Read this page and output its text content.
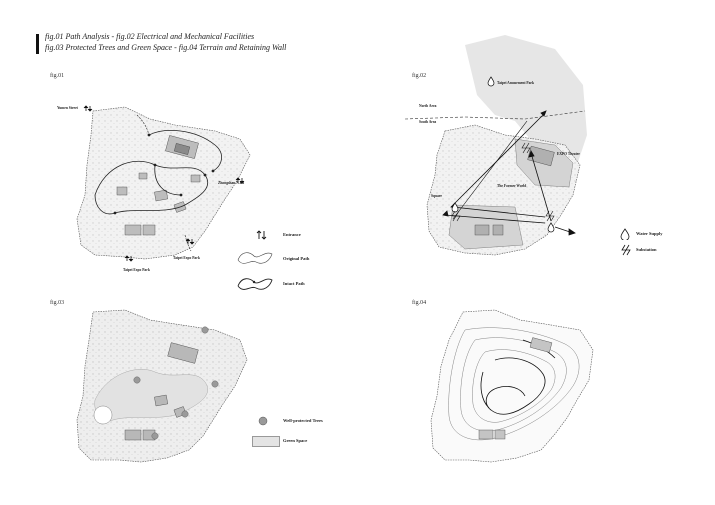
fig.01 Path Analysis - fig.02 Electrical and Mechanical Facilities
fig.03 Protected Trees and Green Space - fig.04 Terrain and Retaining Wall
fig.01	fig.02
fig.03	fig.04
Yumen Street
Zhongshan N.Rd
Taipei Expo Park
Taipei Expo Park
Entrance
Original Path
Intact Path
Taipei Amusement Park
North Area
South Area
EXPO Theater
The Former World
Square
Water Supply
Substation
Well-protected Trees
Green Space
